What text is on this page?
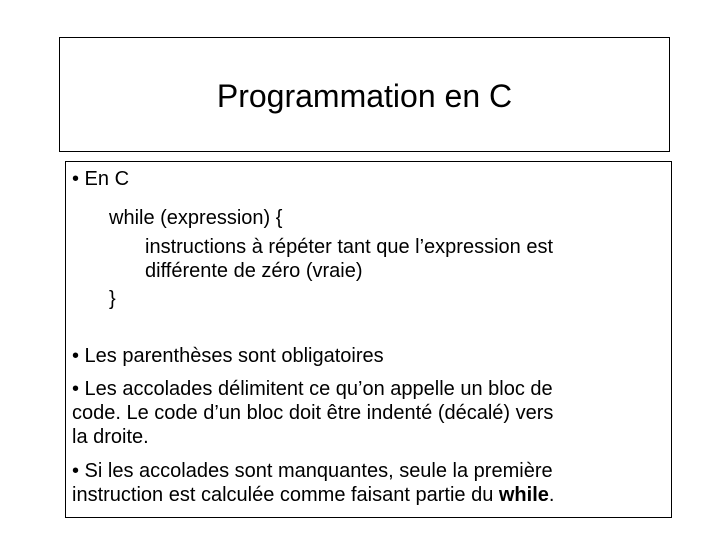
Programmation en C
• En C
while (expression) {
instructions à répéter tant que l’expression est
différente de zéro (vraie)
}
• Les parenthèses sont obligatoires
• Les accolades délimitent ce qu’on appelle un bloc de
code. Le code d’un bloc doit être indenté (décalé) vers
la droite.
• Si les accolades sont manquantes, seule la première
instruction est calculée comme faisant partie du while.
